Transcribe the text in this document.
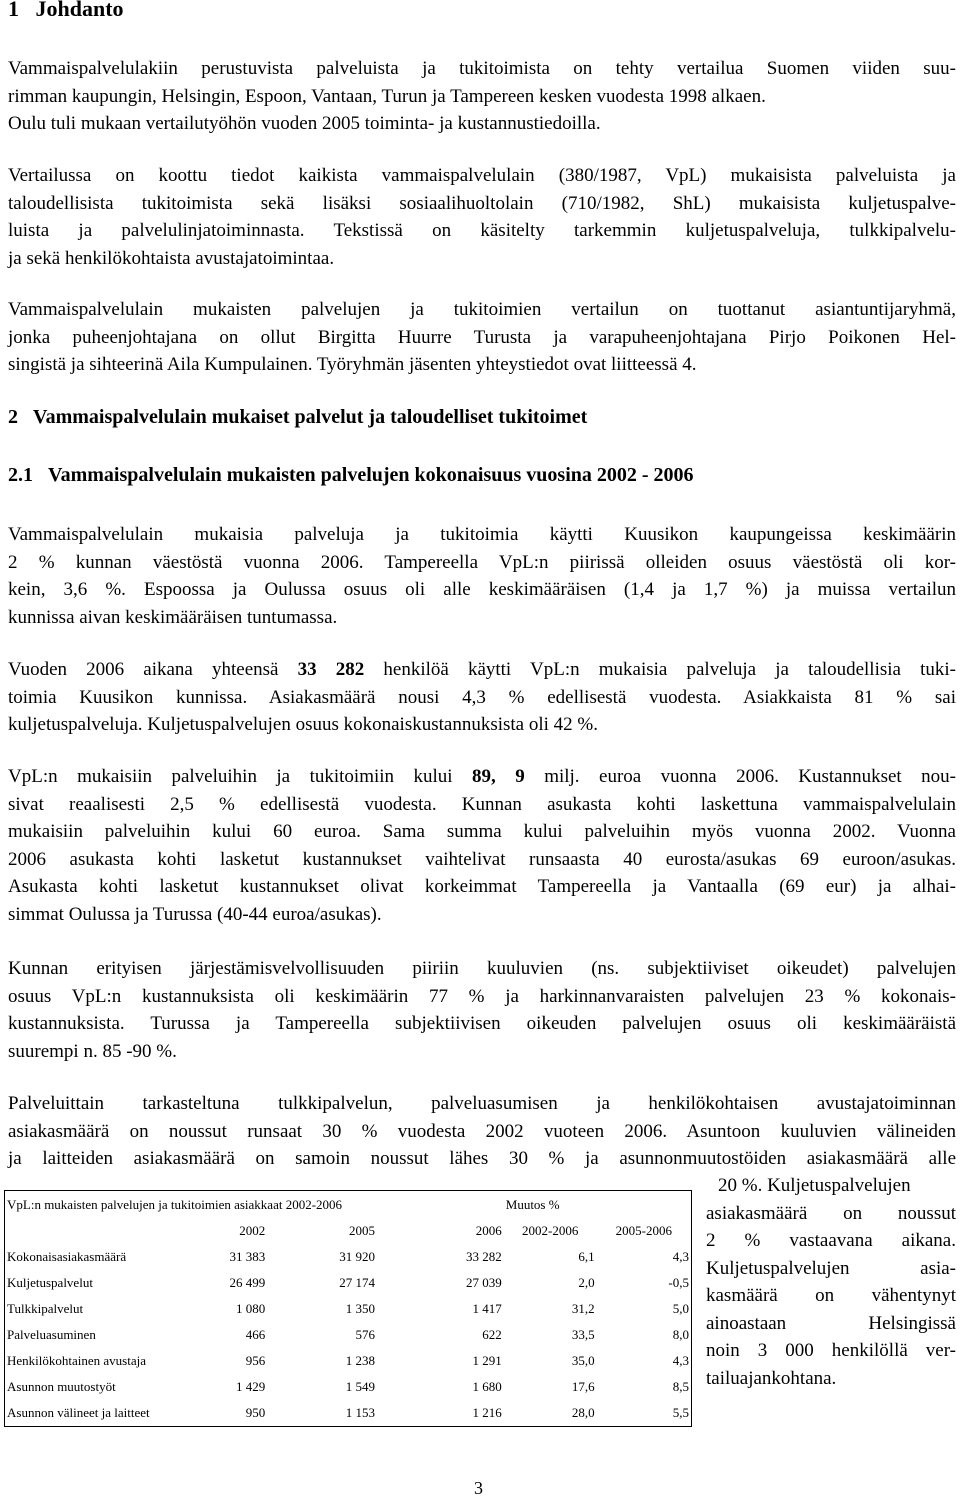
1 Johdanto

Vammaispalvelulakiin perustuvista palveluista ja tukitoimista on tehty vertailua Suomen viiden suu-
rimman kaupungin, Helsingin, Espoon, Vantaan, Turun ja Tampereen kesken vuodesta 1998 alkaen.
Oulu tuli mukaan vertailutyöhön vuoden 2005 toiminta- ja kustannustiedoilla.

Vertailussa on koottu tiedot kaikista vammaispalvelulain (380/1987, VpL) mukaisista palveluista ja
taloudellisista tukitoimista sekä lisäksi sosiaalihuoltolain (710/1982, ShL) mukaisista kuljetuspalve-
luista ja palvelulinjatoiminnasta. Tekstissä on käsitelty tarkemmin kuljetuspalveluja, tulkkipalvelu-
ja sekä henkilökohtaista avustajatoimintaa.

Vammaispalvelulain mukaisten palvelujen ja tukitoimien vertailun on tuottanut asiantuntijaryhmä,
jonka puheenjohtajana on ollut Birgitta Huurre Turusta ja varapuheenjohtajana Pirjo Poikonen Hel-
singistä ja sihteerinä Aila Kumpulainen. Työryhmän jäsenten yhteystiedot ovat liitteessä 4.

2 Vammaispalvelulain mukaiset palvelut ja taloudelliset tukitoimet
2.1 Vammaispalvelulain mukaisten palvelujen kokonaisuus vuosina 2002 - 2006

Vammaispalvelulain mukaisia palveluja ja tukitoimia käytti Kuusikon kaupungeissa keskimäärin
2 % kunnan väestöstä vuonna 2006. Tampereella VpL:n piirissä olleiden osuus väestöstä oli kor-
kein, 3,6 %. Espoossa ja Oulussa osuus oli alle keskimääräisen (1,4 ja 1,7 %) ja muissa vertailun
kunnissa aivan keskimääräisen tuntumassa.

Vuoden 2006 aikana yhteensä 33 282 henkilöä käytti VpL:n mukaisia palveluja ja taloudellisia tuki-
toimia Kuusikon kunnissa. Asiakasmäärä nousi 4,3 % edellisestä vuodesta. Asiakkaista 81 % sai
kuljetuspalveluja. Kuljetuspalvelujen osuus kokonaiskustannuksista oli 42 %.

VpL:n mukaisiin palveluihin ja tukitoimiin kului 89, 9 milj. euroa vuonna 2006. Kustannukset nou-
sivat reaalisesti 2,5 % edellisestä vuodesta. Kunnan asukasta kohti laskettuna vammaispalvelulain
mukaisiin palveluihin kului 60 euroa. Sama summa kului palveluihin myös vuonna 2002. Vuonna
2006 asukasta kohti lasketut kustannukset vaihtelivat runsaasta 40 eurosta/asukas 69 euroon/asukas.
Asukasta kohti lasketut kustannukset olivat korkeimmat Tampereella ja Vantaalla (69 eur) ja alhai-
simmat Oulussa ja Turussa (40-44 euroa/asukas).

Kunnan erityisen järjestämisvelvollisuuden piiriin kuuluvien (ns. subjektiiviset oikeudet) palvelujen
osuus VpL:n kustannuksista oli keskimäärin 77 % ja harkinnanvaraisten palvelujen 23 % kokonais-
kustannuksista. Turussa ja Tampereella subjektiivisen oikeuden palvelujen osuus oli keskimääräistä
suurempi n. 85 -90 %.

Palveluittain tarkasteltuna tulkkipalvelun, palveluasumisen ja henkilökohtaisen avustajatoiminnan
asiakasmäärä on noussut runsaat 30 % vuodesta 2002 vuoteen 2006. Asuntoon kuuluvien välineiden
ja laitteiden asiakasmäärä on samoin noussut lähes 30 % ja asunnonmuutostöiden asiakasmäärä alle

20 %. Kuljetuspalvelujen
asiakasmäärä on noussut
2 % vastaavana aikana.
Kuljetuspalvelujen asia-
kasmäärä on vähentynyt
ainoastaan Helsingissä
noin 3 000 henkilöllä ver-
tailuajankohtana.
VpL:n mukaisten palvelujen ja tukitoimien asiakkaat 2002-2006				Muutos %	
	2002	2005	2006	2002-2006	2005-2006
Kokonaisasiakasmäärä	31 383	31 920	33 282	6,1	4,3
Kuljetuspalvelut	26 499	27 174	27 039	2,0	-0,5
Tulkkipalvelut	1 080	1 350	1 417	31,2	5,0
Palveluasuminen	466	576	622	33,5	8,0
Henkilökohtainen avustaja	956	1 238	1 291	35,0	4,3
Asunnon muutostyöt	1 429	1 549	1 680	17,6	8,5
Asunnon välineet ja laitteet	950	1 153	1 216	28,0	5,5
3
